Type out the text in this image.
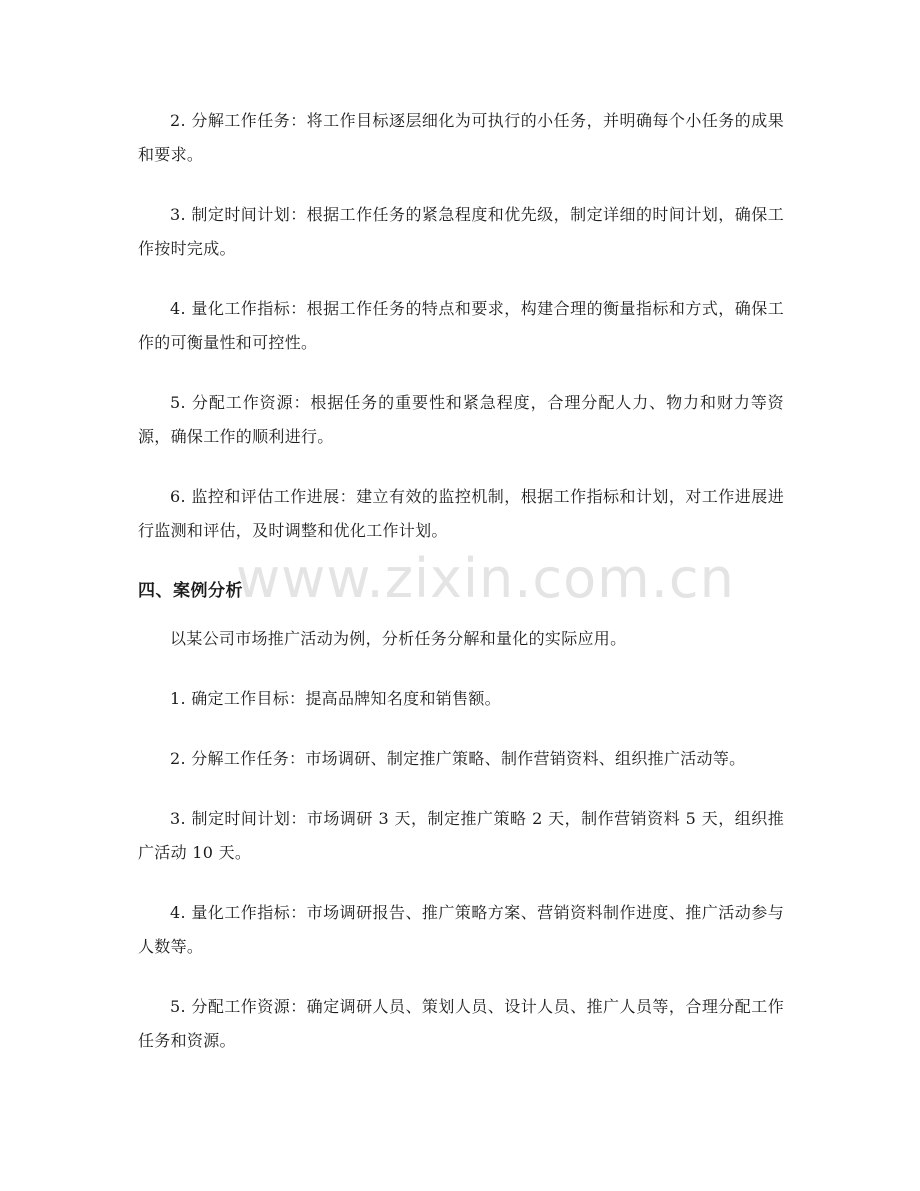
2. 分解工作任务：将工作目标逐层细化为可执行的小任务，并明确每个小任务的成果和要求。

3. 制定时间计划：根据工作任务的紧急程度和优先级，制定详细的时间计划，确保工作按时完成。

4. 量化工作指标：根据工作任务的特点和要求，构建合理的衡量指标和方式，确保工作的可衡量性和可控性。

5. 分配工作资源：根据任务的重要性和紧急程度，合理分配人力、物力和财力等资源，确保工作的顺利进行。

6. 监控和评估工作进展：建立有效的监控机制，根据工作指标和计划，对工作进展进行监测和评估，及时调整和优化工作计划。

四、案例分析

以某公司市场推广活动为例，分析任务分解和量化的实际应用。

1. 确定工作目标：提高品牌知名度和销售额。

2. 分解工作任务：市场调研、制定推广策略、制作营销资料、组织推广活动等。

3. 制定时间计划：市场调研 3 天，制定推广策略 2 天，制作营销资料 5 天，组织推广活动 10 天。

4. 量化工作指标：市场调研报告、推广策略方案、营销资料制作进度、推广活动参与人数等。

5. 分配工作资源：确定调研人员、策划人员、设计人员、推广人员等，合理分配工作任务和资源。

www.zixin.com.cn
